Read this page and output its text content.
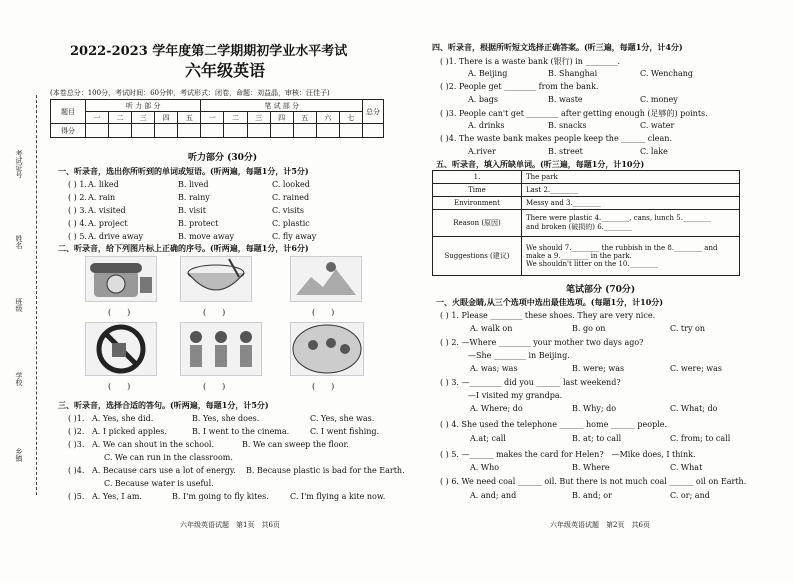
考试证号
姓名
班级
学校
乡镇
2022-2023 学年度第二学期期初学业水平考试
六年级英语
(本卷总分：100分，考试时间：60分钟，考试形式：闭卷，命题：刘益晶，审核：汪佳子)
题目	听 力 部 分					笔 试 部 分							总分
	一	二	三	四	五	一	二	三	四	五	六	七	
得分													
听力部分 (30分)
一、听录音，选出你所听到的单词或短语。(听两遍，每题1分，计5分)
( ) 1. A. liked	B. lived	C. looked
( ) 2. A. rain	B. rainy	C. rained
( ) 3. A. visited	B. visit	C. visits
( ) 4. A. project	B. protect	C. plastic
( ) 5. A. drive away	B. move away	C. fly away
二、听录音，给下列图片标上正确的序号。(听两遍，每题1分，计6分)
(　　)	(　　)	(　　)
(　　)	(　　)	(　　)
三、听录音，选择合适的答句。(听两遍，每题1分，计5分)
( )1. A. Yes, she did.	B. Yes, she does.	C. Yes, she was.
( )2. A. I picked apples.	B. I went to the cinema.	C. I went fishing.
( )3. A. We can shout in the school.	B. We can sweep the floor.
C. We can run in the classroom.
( )4. A. Because cars use a lot of energy. B. Because plastic is bad for the Earth.
C. Because water is useful.
( )5. A. Yes, I am.	B. I'm going to fly kites.	C. I'm flying a kite now.
六年级英语试题　第1页　共6页
四、听录音，根据所听短文选择正确答案。(听三遍，每题1分，计4分)
( )1. There is a waste bank (银行) in ________.
A. Beijing	B. Shanghai	C. Wenchang
( )2. People get ________ from the bank.
A. bags	B. waste	C. money
( )3. People can't get ________ after getting enough (足够的) points.
A. drinks	B. snacks	C. water
( )4. The waste bank makes people keep the ______ clean.
A.river	B. street	C. lake
五、听录音，填入所缺单词。(听三遍，每题1分，计10分)
1.	The park
Time	Last 2.________
Environment	Messy and 3.________
Reason (原因)	There were plastic 4.________, cans, lunch 5.________
and broken (破损的) 6.________

Suggestions (建议)	We should 7.________ the rubbish in the 8.________ and
make a 9.________ in the park.
We shouldn't litter on the 10.________
笔试部分 (70分)
一、火眼金睛,从三个选项中选出最佳选项。(每题1分，计10分)
( ) 1. Please ________ these shoes. They are very nice.
A. walk on	B. go on	C. try on
( ) 2. —Where ________ your mother two days ago?
—She ________ in Beijing.
A. was; was	B. were; was	C. were; was
( ) 3. —________ did you ______ last weekend?
—I visited my grandpa.
A. Where; do	B. Why; do	C. What; do
( ) 4. She used the telephone ______ home ______ people.
A.at; call	B. at; to call	C. from; to call
( ) 5. —______ makes the card for Helen?　—Mike does, I think.
A. Who	B. Where	C. What
( ) 6. We need coal ______ oil. But there is not much coal ______ oil on Earth.
A. and; and	B. and; or	C. or; and
六年级英语试题　第2页　共6页
